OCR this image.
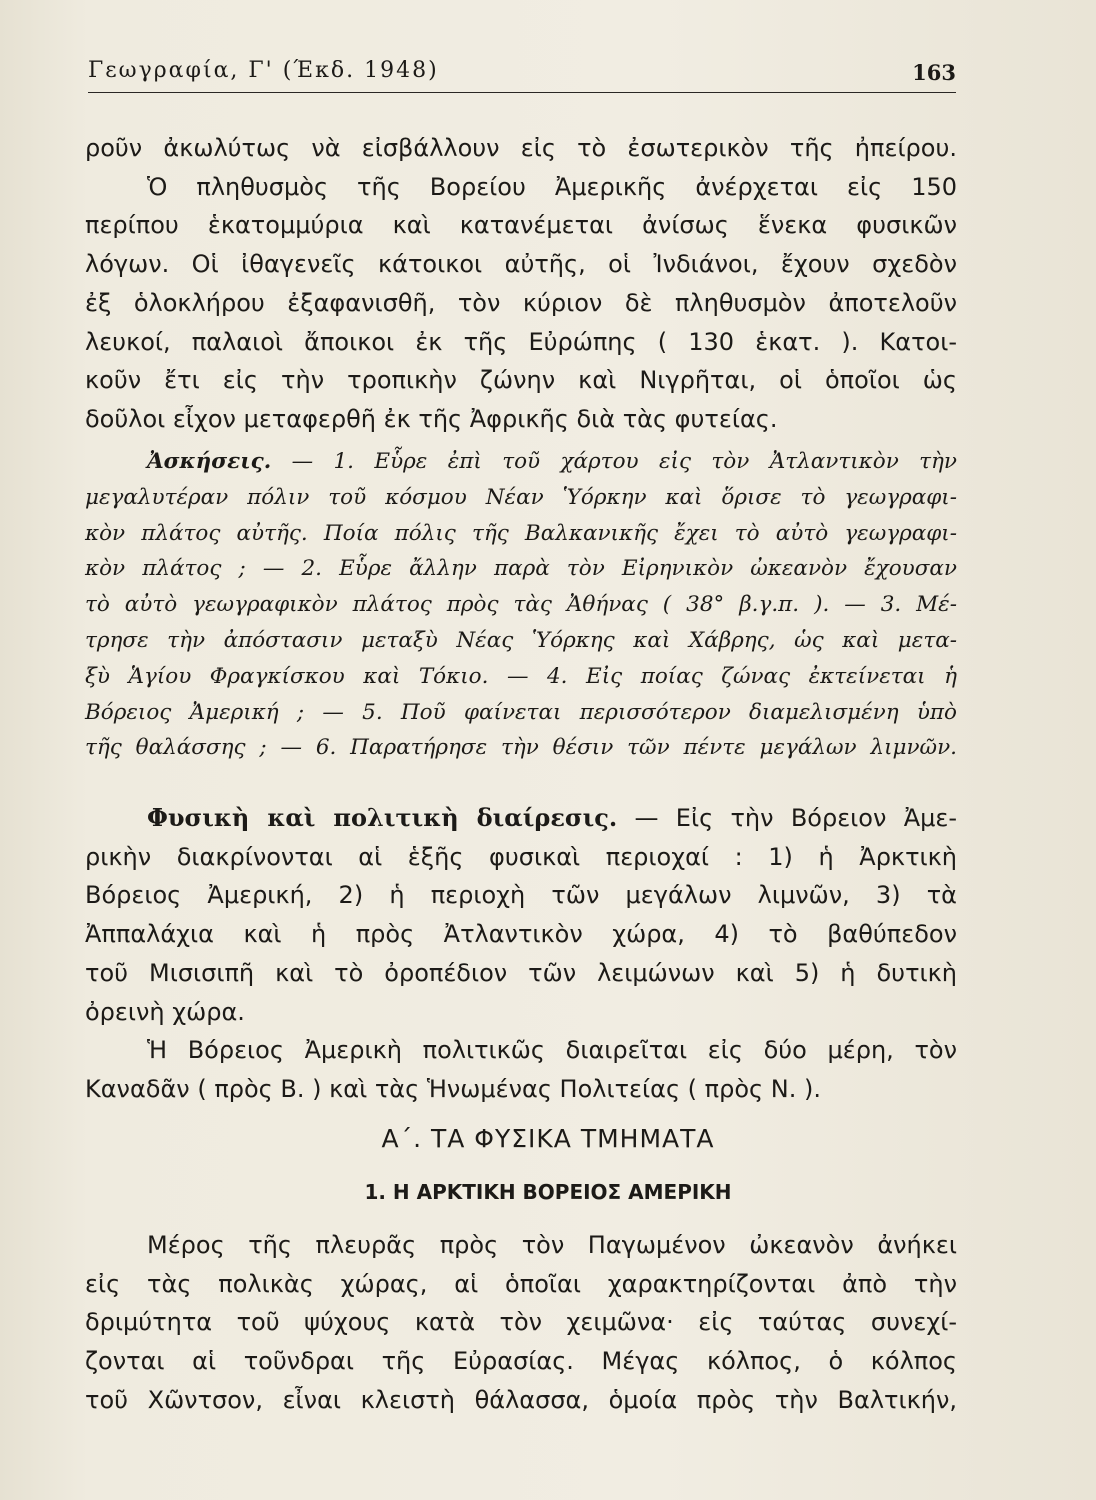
Γεωγραφία, Γ' (Έκδ. 1948)	163
ροῦν ἀκωλύτως νὰ εἰσβάλλουν εἰς τὸ ἐσωτερικὸν τῆς ἠπείρου.
Ὁ πληθυσμὸς τῆς Βορείου Ἀμερικῆς ἀνέρχεται εἰς 150
περίπου ἑκατομμύρια καὶ κατανέμεται ἀνίσως ἕνεκα φυσικῶν
λόγων. Οἱ ἰθαγενεῖς κάτοικοι αὐτῆς, οἱ Ἰνδιάνοι, ἔχουν σχεδὸν
ἐξ ὁλοκλήρου ἐξαφανισθῆ, τὸν κύριον δὲ πληθυσμὸν ἀποτελοῦν
λευκοί, παλαιοὶ ἄποικοι ἐκ τῆς Εὐρώπης ( 130 ἑκατ. ). Κατοι-
κοῦν ἔτι εἰς τὴν τροπικὴν ζώνην καὶ Νιγρῆται, οἱ ὁποῖοι ὡς
δοῦλοι εἶχον μεταφερθῆ ἐκ τῆς Ἀφρικῆς διὰ τὰς φυτείας.
Ἀσκήσεις. — 1. Εὗρε ἐπὶ τοῦ χάρτου εἰς τὸν Ἀτλαντικὸν τὴν
μεγαλυτέραν πόλιν τοῦ κόσμου Νέαν Ὑόρκην καὶ ὅρισε τὸ γεωγραφι-
κὸν πλάτος αὐτῆς. Ποία πόλις τῆς Βαλκανικῆς ἔχει τὸ αὐτὸ γεωγραφι-
κὸν πλάτος ; — 2. Εὗρε ἄλλην παρὰ τὸν Εἰρηνικὸν ὠκεανὸν ἔχουσαν
τὸ αὐτὸ γεωγραφικὸν πλάτος πρὸς τὰς Ἀθήνας ( 38° β.γ.π. ). — 3. Μέ-
τρησε τὴν ἀπόστασιν μεταξὺ Νέας Ὑόρκης καὶ Χάβρης, ὡς καὶ μετα-
ξὺ Ἁγίου Φραγκίσκου καὶ Τόκιο. — 4. Εἰς ποίας ζώνας ἐκτείνεται ἡ
Βόρειος Ἀμερική ; — 5. Ποῦ φαίνεται περισσότερον διαμελισμένη ὑπὸ
τῆς θαλάσσης ; — 6. Παρατήρησε τὴν θέσιν τῶν πέντε μεγάλων λιμνῶν.
Φυσικὴ καὶ πολιτικὴ διαίρεσις. — Εἰς τὴν Βόρειον Ἀμε-
ρικὴν διακρίνονται αἱ ἑξῆς φυσικαὶ περιοχαί : 1) ἡ Ἀρκτικὴ
Βόρειος Ἀμερική, 2) ἡ περιοχὴ τῶν μεγάλων λιμνῶν, 3) τὰ
Ἀππαλάχια καὶ ἡ πρὸς Ἀτλαντικὸν χώρα, 4) τὸ βαθύπεδον
τοῦ Μισισιπῆ καὶ τὸ ὀροπέδιον τῶν λειμώνων καὶ 5) ἡ δυτικὴ
ὀρεινὴ χώρα.
Ἡ Βόρειος Ἀμερικὴ πολιτικῶς διαιρεῖται εἰς δύο μέρη, τὸν
Καναδᾶν ( πρὸς Β. ) καὶ τὰς Ἡνωμένας Πολιτείας ( πρὸς Ν. ).
Α΄. ΤΑ ΦΥΣΙΚΑ ΤΜΗΜΑΤΑ
1. Η ΑΡΚΤΙΚΗ ΒΟΡΕΙΟΣ ΑΜΕΡΙΚΗ
Μέρος τῆς πλευρᾶς πρὸς τὸν Παγωμένον ὠκεανὸν ἀνήκει
εἰς τὰς πολικὰς χώρας, αἱ ὁποῖαι χαρακτηρίζονται ἀπὸ τὴν
δριμύτητα τοῦ ψύχους κατὰ τὸν χειμῶνα· εἰς ταύτας συνεχί-
ζονται αἱ τοῦνδραι τῆς Εὐρασίας. Μέγας κόλπος, ὁ κόλπος
τοῦ Χῶντσον, εἶναι κλειστὴ θάλασσα, ὁμοία πρὸς τὴν Βαλτικήν,
